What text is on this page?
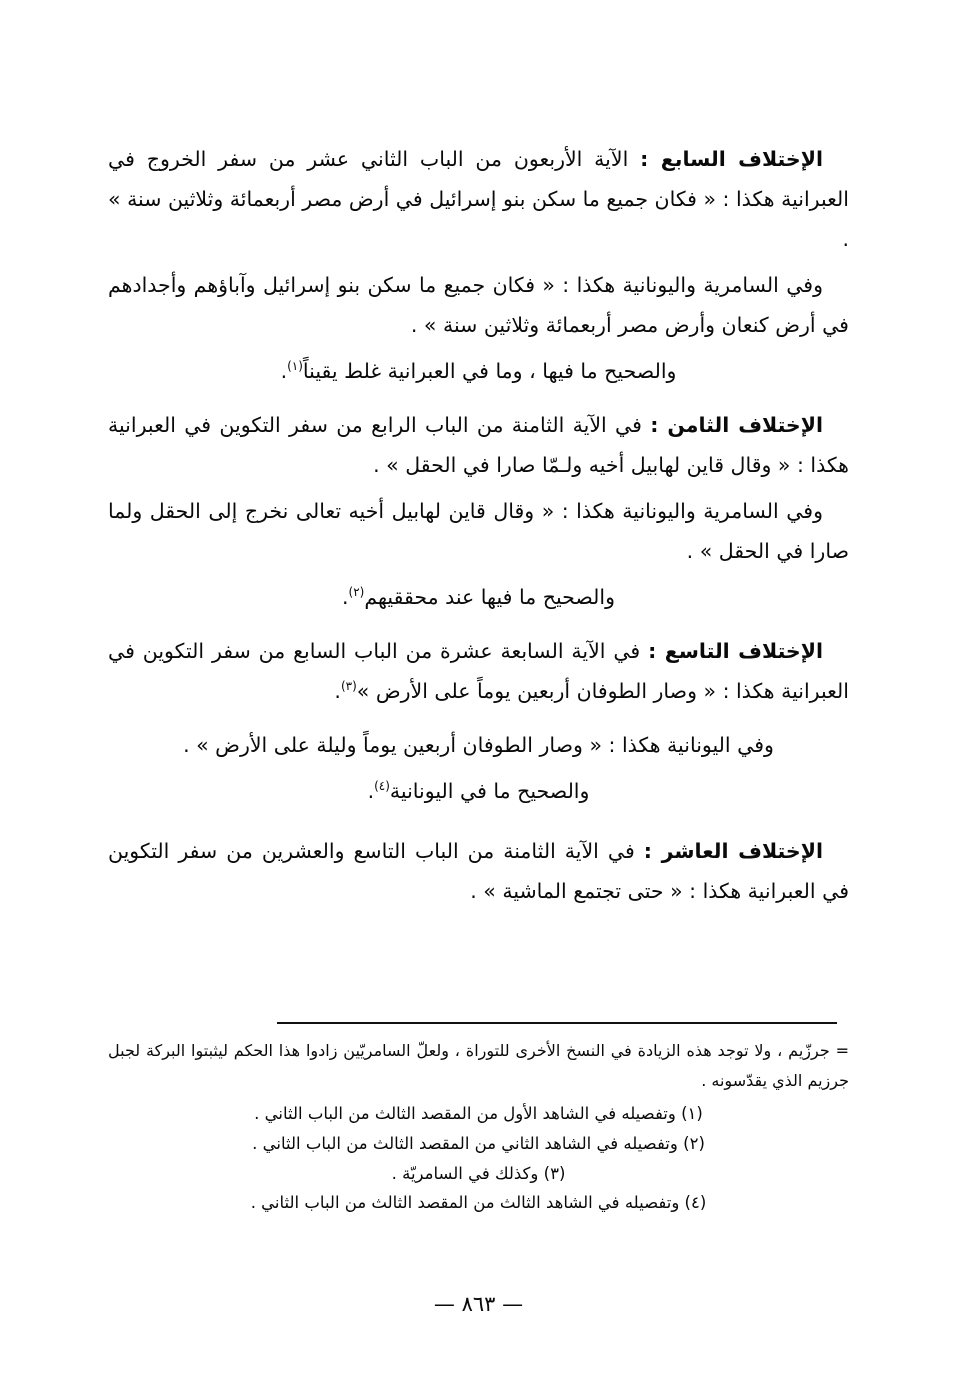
الإختلاف السابع : الآية الأربعون من الباب الثاني عشر من سفر الخروج في العبرانية هكذا : « فكان جميع ما سكن بنو إسرائيل في أرض مصر أربعمائة وثلاثين سنة » .

وفي السامرية واليونانية هكذا : « فكان جميع ما سكن بنو إسرائيل وآباؤهم وأجدادهم في أرض كنعان وأرض مصر أربعمائة وثلاثين سنة » .

والصحيح ما فيها ، وما في العبرانية غلط يقيناً$^{(١)}$.

الإختلاف الثامن : في الآية الثامنة من الباب الرابع من سفر التكوين في العبرانية هكذا : « وقال قاين لهابيل أخيه ولـمّا صارا في الحقل » .

وفي السامرية واليونانية هكذا : « وقال قاين لهابيل أخيه تعالى نخرج إلى الحقل ولما صارا في الحقل » .

والصحيح ما فيها عند محققيهم$^{(٢)}$.

الإختلاف التاسع : في الآية السابعة عشرة من الباب السابع من سفر التكوين في العبرانية هكذا : « وصار الطوفان أربعين يوماً على الأرض »$^{(٣)}$.

وفي اليونانية هكذا : « وصار الطوفان أربعين يوماً وليلة على الأرض » .

والصحيح ما في اليونانية$^{(٤)}$.

الإختلاف العاشر : في الآية الثامنة من الباب التاسع والعشرين من سفر التكوين في العبرانية هكذا : « حتى تجتمع الماشية » .

= جرزّيم ، ولا توجد هذه الزيادة في النسخ الأخرى للتوراة ، ولعلّ السامريّين زادوا هذا الحكم ليثبتوا البركة لجبل جرزيم الذي يقدّسونه .

(١) وتفصيله في الشاهد الأول من المقصد الثالث من الباب الثاني .

(٢) وتفصيله في الشاهد الثاني من المقصد الثالث من الباب الثاني .

(٣) وكذلك في السامريّة .

(٤) وتفصيله في الشاهد الثالث من المقصد الثالث من الباب الثاني .

— ٨٦٣ —
